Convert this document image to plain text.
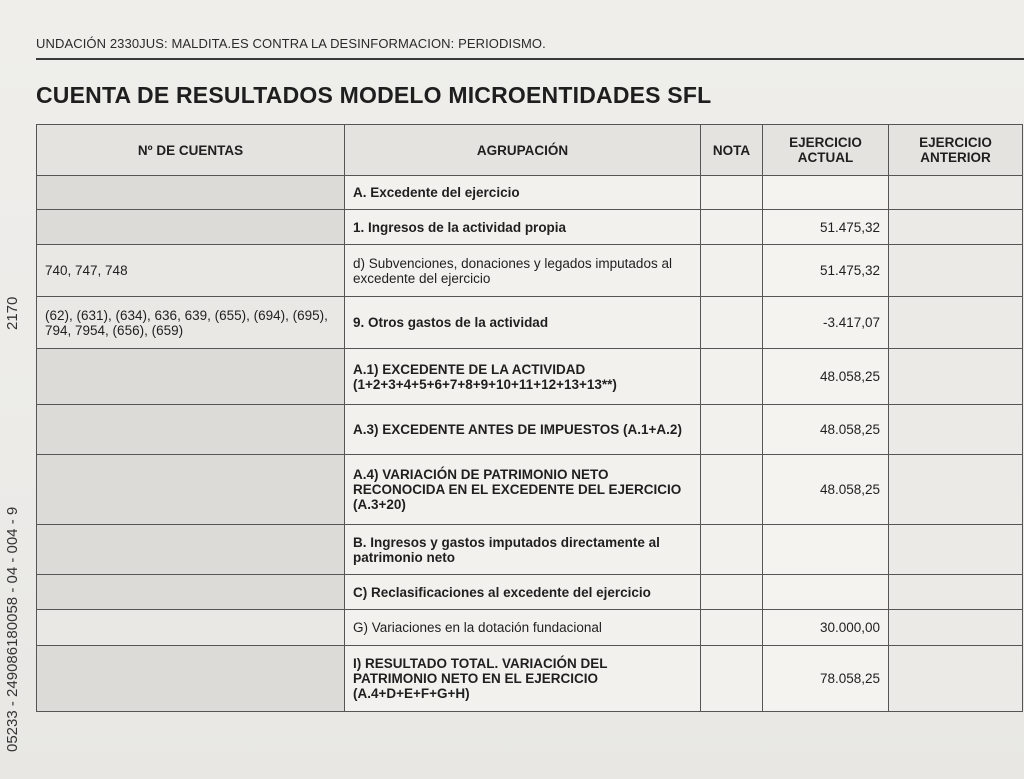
UNDACIÓN 2330JUS: MALDITA.ES CONTRA LA DESINFORMACION: PERIODISMO.
CUENTA DE RESULTADOS MODELO MICROENTIDADES SFL
2170
05233 - 249086180058 - 04 - 004 - 9
Nº DE CUENTAS	AGRUPACIÓN	NOTA	EJERCICIO ACTUAL	EJERCICIO ANTERIOR
	A. Excedente del ejercicio			
	1. Ingresos de la actividad propia		51.475,32	
740, 747, 748	d) Subvenciones, donaciones y legados imputados al excedente del ejercicio		51.475,32	
(62), (631), (634), 636, 639, (655), (694), (695), 794, 7954, (656), (659)	9. Otros gastos de la actividad		-3.417,07	
	A.1) EXCEDENTE DE LA ACTIVIDAD (1+2+3+4+5+6+7+8+9+10+11+12+13+13**)		48.058,25	
	A.3) EXCEDENTE ANTES DE IMPUESTOS (A.1+A.2)		48.058,25	
	A.4) VARIACIÓN DE PATRIMONIO NETO RECONOCIDA EN EL EXCEDENTE DEL EJERCICIO (A.3+20)		48.058,25	
	B. Ingresos y gastos imputados directamente al patrimonio neto			
	C) Reclasificaciones al excedente del ejercicio			
	G) Variaciones en la dotación fundacional		30.000,00	
	I) RESULTADO TOTAL. VARIACIÓN DEL PATRIMONIO NETO EN EL EJERCICIO (A.4+D+E+F+G+H)		78.058,25	
